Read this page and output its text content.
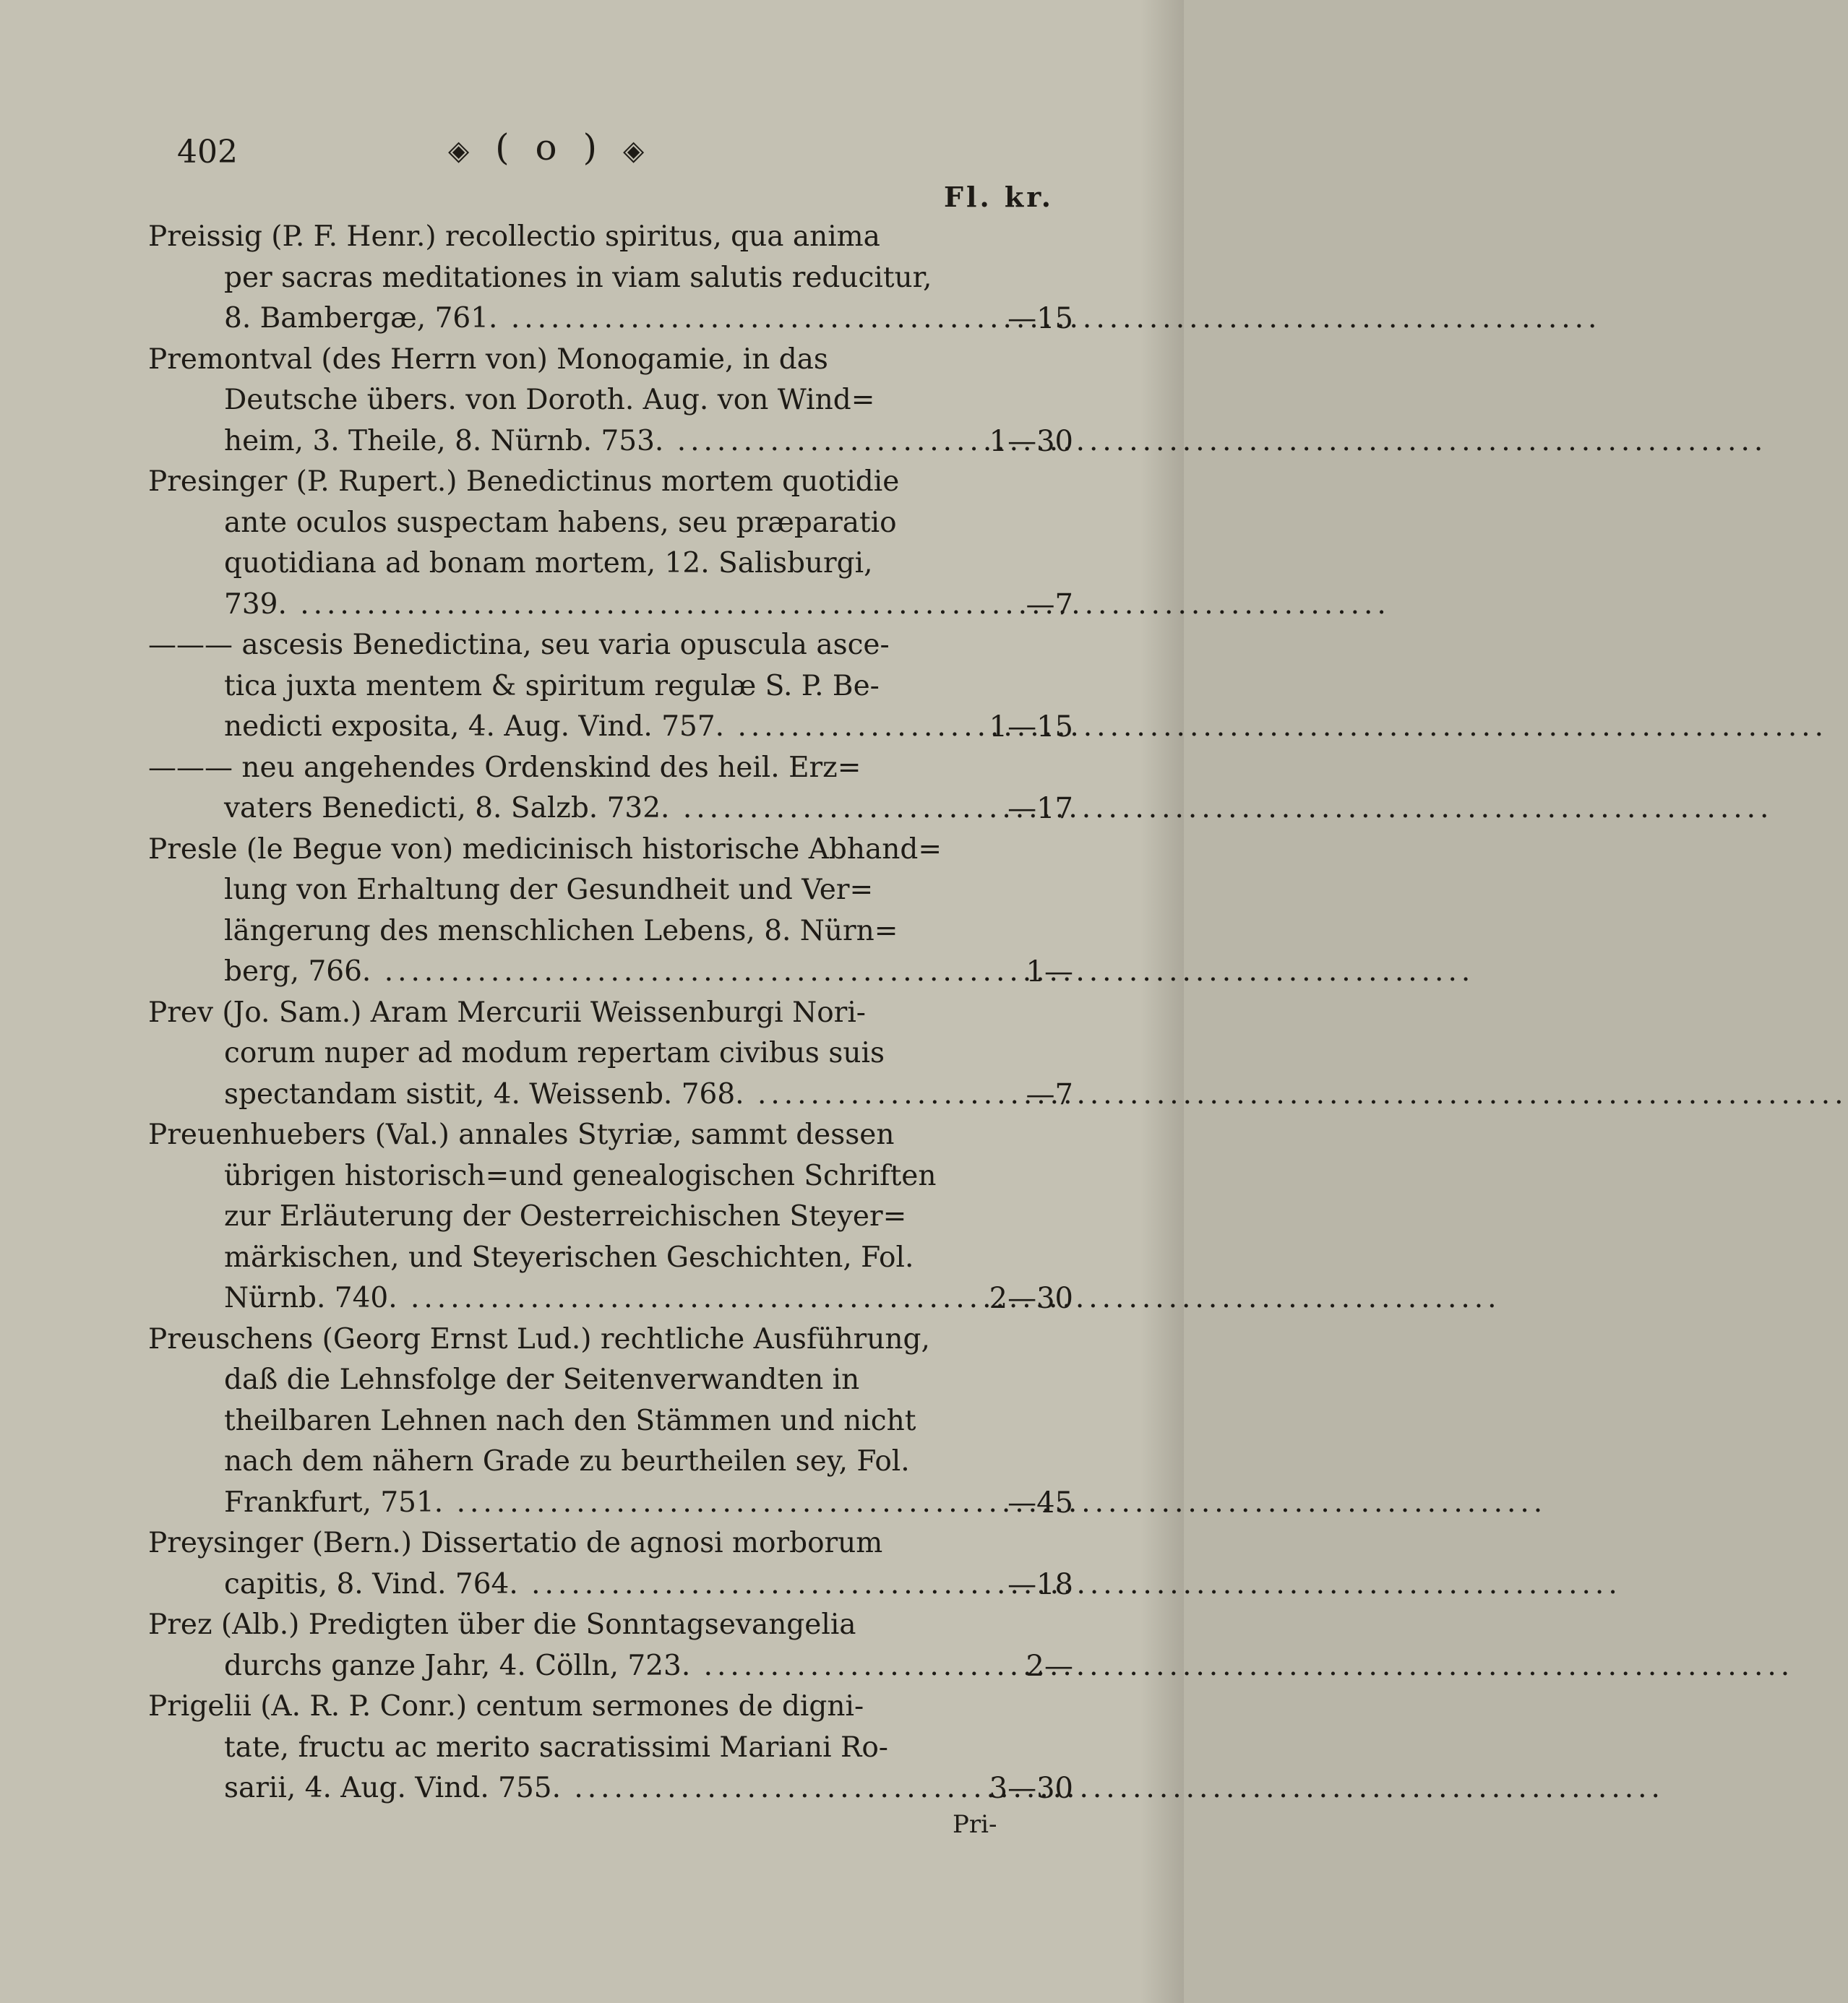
402	◈ ( o ) ◈
Fl. kr.
Preissig (P. F. Henr.) recollectio spiritus, qua anima
per sacras meditationes in viam salutis reducitur,
8. Bambergæ, 761. .....	—15
Premontval (des Herrn von) Monogamie, in das
Deutsche übers. von Doroth. Aug. von Wind=
heim, 3. Theile, 8. Nürnb. 753. .....	1—30
Presinger (P. Rupert.) Benedictinus mortem quotidie
ante oculos suspectam habens, seu præparatio
quotidiana ad bonam mortem, 12. Salisburgi,
739. .....	—7
——— ascesis Benedictina, seu varia opuscula asce-
tica juxta mentem & spiritum regulæ S. P. Be-
nedicti exposita, 4. Aug. Vind. 757. .....	1—15
——— neu angehendes Ordenskind des heil. Erz=
vaters Benedicti, 8. Salzb. 732. .....	—17
Presle (le Begue von) medicinisch historische Abhand=
lung von Erhaltung der Gesundheit und Ver=
längerung des menschlichen Lebens, 8. Nürn=
berg, 766. .....	1—
Prev (Jo. Sam.) Aram Mercurii Weissenburgi Nori-
corum nuper ad modum repertam civibus suis
spectandam sistit, 4. Weissenb. 768. .....	—7
Preuenhuebers (Val.) annales Styriæ, sammt dessen
übrigen historisch=und genealogischen Schriften
zur Erläuterung der Oesterreichischen Steyer=
märkischen, und Steyerischen Geschichten, Fol.
Nürnb. 740. .....	2—30
Preuschens (Georg Ernst Lud.) rechtliche Ausführung,
daß die Lehnsfolge der Seitenverwandten in
theilbaren Lehnen nach den Stämmen und nicht
nach dem nähern Grade zu beurtheilen sey, Fol.
Frankfurt, 751. .....	—45
Preysinger (Bern.) Dissertatio de agnosi morborum
capitis, 8. Vind. 764. .....	—18
Prez (Alb.) Predigten über die Sonntagsevangelia
durchs ganze Jahr, 4. Cölln, 723. .....	2—
Prigelii (A. R. P. Conr.) centum sermones de digni-
tate, fructu ac merito sacratissimi Mariani Ro-
sarii, 4. Aug. Vind. 755. .....	3—30
Pri-
